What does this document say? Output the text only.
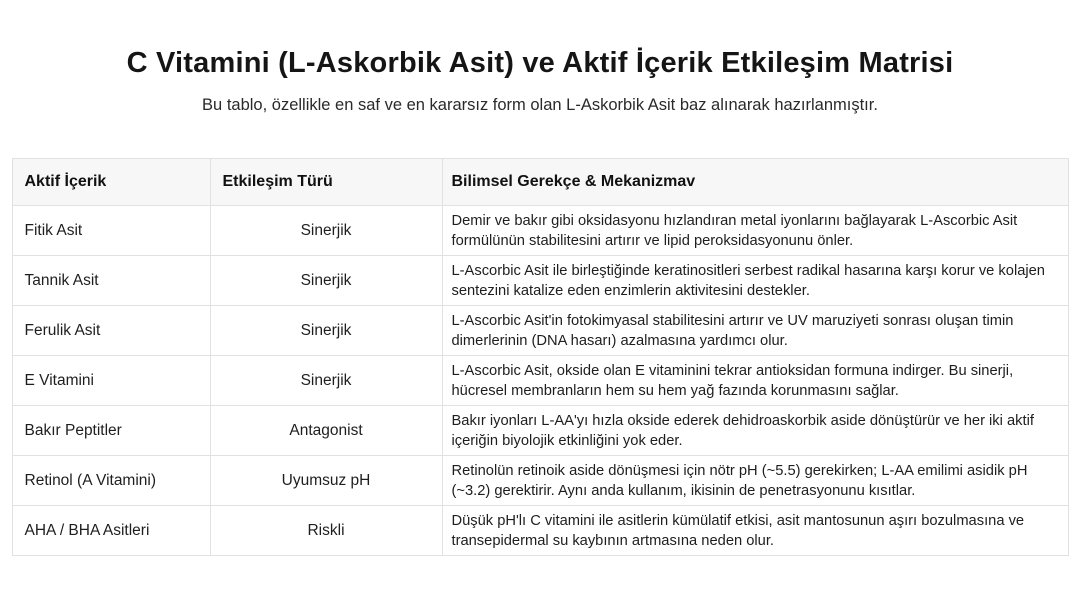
C Vitamini (L-Askorbik Asit) ve Aktif İçerik Etkileşim Matrisi

Bu tablo, özellikle en saf ve en kararsız form olan L-Askorbik Asit baz alınarak hazırlanmıştır.

Aktif İçerik	Etkileşim Türü	Bilimsel Gerekçe & Mekanizmav
Fitik Asit	Sinerjik	Demir ve bakır gibi oksidasyonu hızlandıran metal iyonlarını bağlayarak L-Ascorbic Asit formülünün stabilitesini artırır ve lipid peroksidasyonunu önler.
Tannik Asit	Sinerjik	L-Ascorbic Asit ile birleştiğinde keratinositleri serbest radikal hasarına karşı korur ve kolajen sentezini katalize eden enzimlerin aktivitesini destekler.
Ferulik Asit	Sinerjik	L-Ascorbic Asit'in fotokimyasal stabilitesini artırır ve UV maruziyeti sonrası oluşan timin dimerlerinin (DNA hasarı) azalmasına yardımcı olur.
E Vitamini	Sinerjik	L-Ascorbic Asit, okside olan E vitaminini tekrar antioksidan formuna indirger. Bu sinerji, hücresel membranların hem su hem yağ fazında korunmasını sağlar.
Bakır Peptitler	Antagonist	Bakır iyonları L-AA'yı hızla okside ederek dehidroaskorbik aside dönüştürür ve her iki aktif içeriğin biyolojik etkinliğini yok eder.
Retinol (A Vitamini)	Uyumsuz pH	Retinolün retinoik aside dönüşmesi için nötr pH (~5.5) gerekirken; L-AA emilimi asidik pH (~3.2) gerektirir. Aynı anda kullanım, ikisinin de penetrasyonunu kısıtlar.
AHA / BHA Asitleri	Riskli	Düşük pH'lı C vitamini ile asitlerin kümülatif etkisi, asit mantosunun aşırı bozulmasına ve transepidermal su kaybının artmasına neden olur.
